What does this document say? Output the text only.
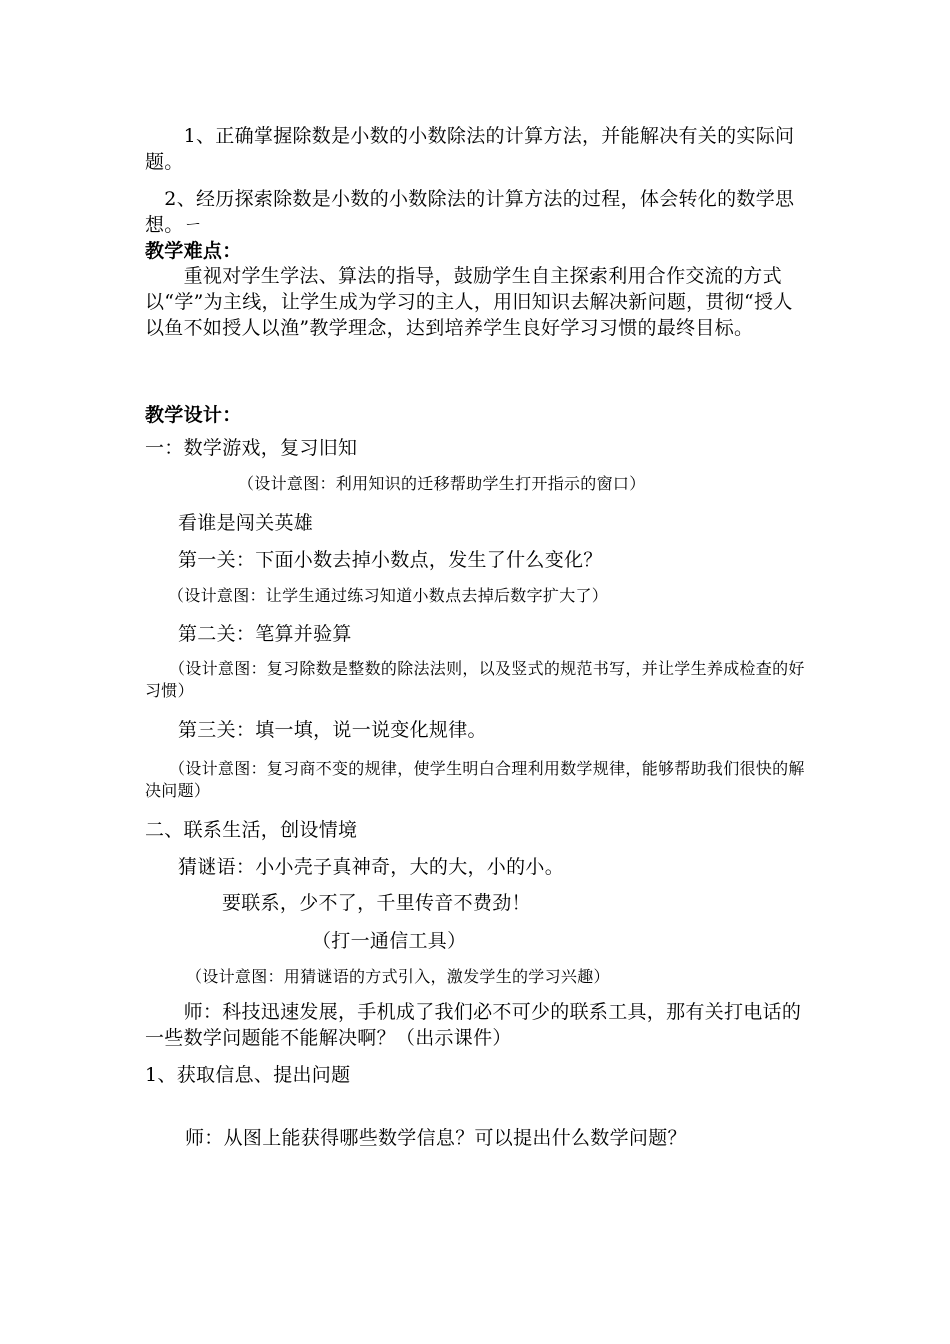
　　1、正确掌握除数是小数的小数除法的计算方法，并能解决有关的实际问题。

　2、经历探索除数是小数的小数除法的计算方法的过程，体会转化的数学思想。ㄧ

教学难点：

　　重视对学生学法、算法的指导，鼓励学生自主探索利用合作交流的方式以“学”为主线，让学生成为学习的主人，用旧知识去解决新问题，贯彻“授人以鱼不如授人以渔”教学理念，达到培养学生良好学习习惯的最终目标。

教学设计：

一：数学游戏，复习旧知

（设计意图：利用知识的迁移帮助学生打开指示的窗口）

看谁是闯关英雄

第一关：下面小数去掉小数点，发生了什么变化？

（设计意图：让学生通过练习知道小数点去掉后数字扩大了）

第二关：笔算并验算

（设计意图：复习除数是整数的除法法则，以及竖式的规范书写，并让学生养成检查的好习惯）

第三关：填一填，说一说变化规律。

（设计意图：复习商不变的规律，使学生明白合理利用数学规律，能够帮助我们很快的解决问题）

二、联系生活，创设情境

猜谜语：小小壳子真神奇，大的大，小的小。

要联系，少不了，千里传音不费劲！

（打一通信工具）

（设计意图：用猜谜语的方式引入，激发学生的学习兴趣）

　　师：科技迅速发展，手机成了我们必不可少的联系工具，那有关打电话的一些数学问题能不能解决啊？（出示课件）

1、获取信息、提出问题

师：从图上能获得哪些数学信息？可以提出什么数学问题？
